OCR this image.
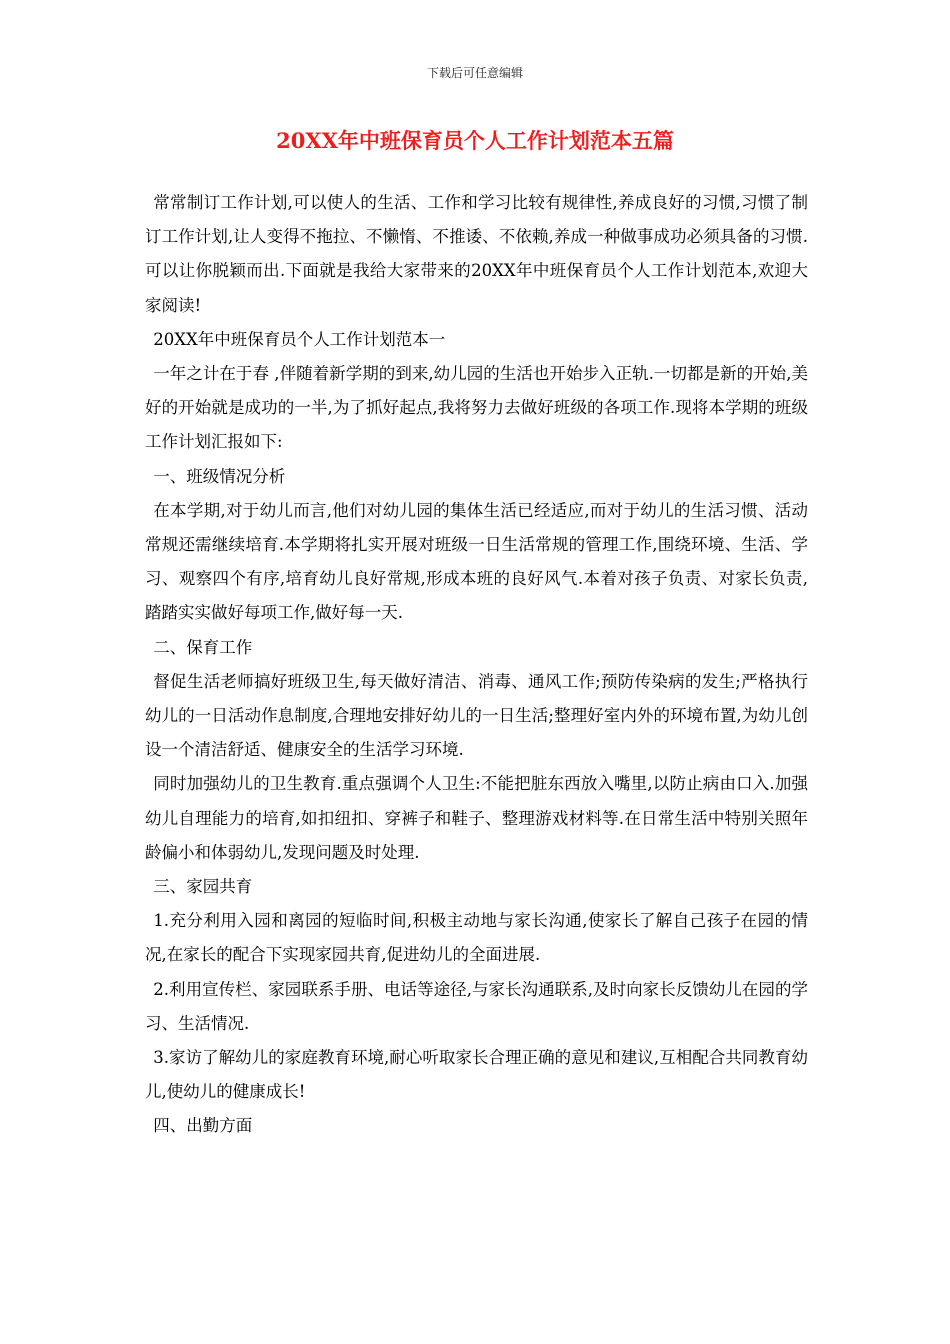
下载后可任意编辑
20XX年中班保育员个人工作计划范本五篇

常常制订工作计划,可以使人的生活、工作和学习比较有规律性,养成良好的习惯,习惯了制订工作计划,让人变得不拖拉、不懒惰、不推诿、不依赖,养成一种做事成功必须具备的习惯.可以让你脱颖而出.下面就是我给大家带来的20XX年中班保育员个人工作计划范本,欢迎大家阅读!

20XX年中班保育员个人工作计划范本一

一年之计在于春 ,伴随着新学期的到来,幼儿园的生活也开始步入正轨.一切都是新的开始,美好的开始就是成功的一半,为了抓好起点,我将努力去做好班级的各项工作.现将本学期的班级工作计划汇报如下:

一、班级情况分析

在本学期,对于幼儿而言,他们对幼儿园的集体生活已经适应,而对于幼儿的生活习惯、活动常规还需继续培育.本学期将扎实开展对班级一日生活常规的管理工作,围绕环境、生活、学习、观察四个有序,培育幼儿良好常规,形成本班的良好风气.本着对孩子负责、对家长负责,踏踏实实做好每项工作,做好每一天.

二、保育工作

督促生活老师搞好班级卫生,每天做好清洁、消毒、通风工作;预防传染病的发生;严格执行幼儿的一日活动作息制度,合理地安排好幼儿的一日生活;整理好室内外的环境布置,为幼儿创设一个清洁舒适、健康安全的生活学习环境.

同时加强幼儿的卫生教育.重点强调个人卫生:不能把脏东西放入嘴里,以防止病由口入.加强幼儿自理能力的培育,如扣纽扣、穿裤子和鞋子、整理游戏材料等.在日常生活中特别关照年龄偏小和体弱幼儿,发现问题及时处理.

三、家园共育

1.充分利用入园和离园的短临时间,积极主动地与家长沟通,使家长了解自己孩子在园的情况,在家长的配合下实现家园共育,促进幼儿的全面进展.

2.利用宣传栏、家园联系手册、电话等途径,与家长沟通联系,及时向家长反馈幼儿在园的学习、生活情况.

3.家访了解幼儿的家庭教育环境,耐心听取家长合理正确的意见和建议,互相配合共同教育幼儿,使幼儿的健康成长!

四、出勤方面
